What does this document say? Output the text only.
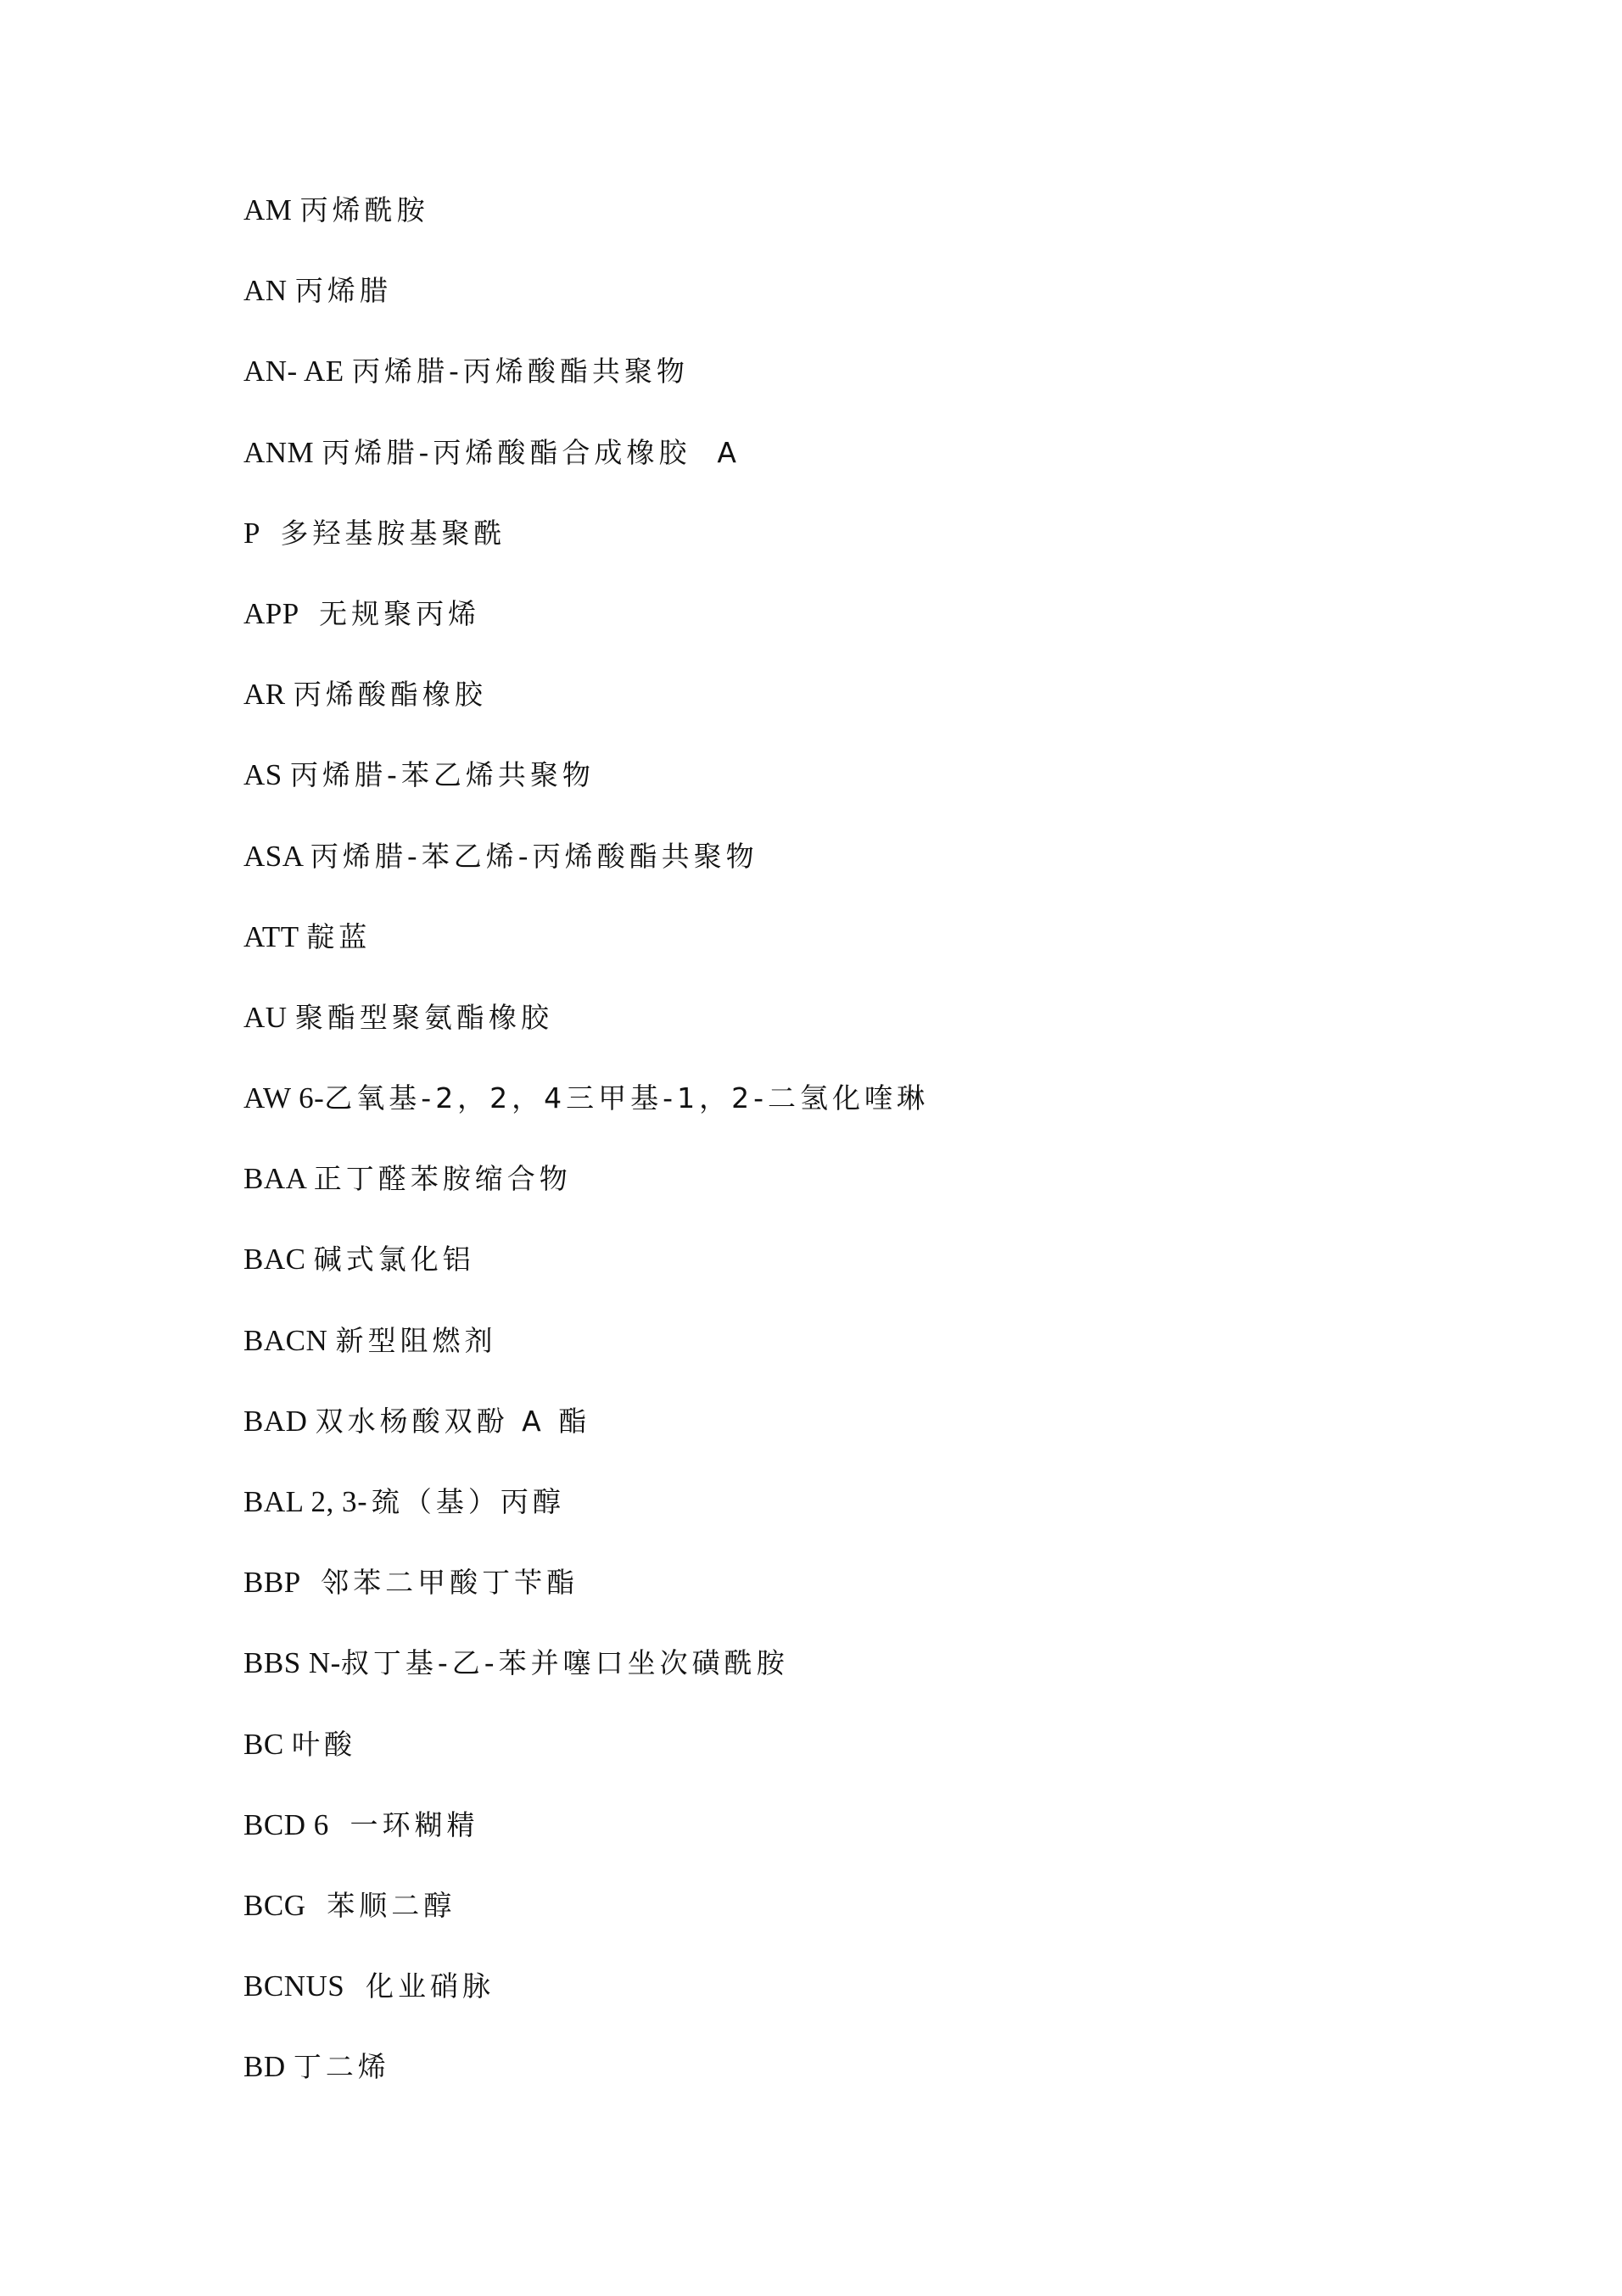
AM 丙烯酰胺
AN 丙烯腊
AN- AE 丙烯腊-丙烯酸酯共聚物
ANM 丙烯腊-丙烯酸酯合成橡胶  A
P  多羟基胺基聚酰
APP  无规聚丙烯
AR 丙烯酸酯橡胶
AS 丙烯腊-苯乙烯共聚物
ASA 丙烯腊-苯乙烯-丙烯酸酯共聚物
ATT 靛蓝
AU 聚酯型聚氨酯橡胶
AW 6-乙氧基-2，2，4三甲基-1，2-二氢化喹琳
BAA 正丁醛苯胺缩合物
BAC 碱式氯化铝
BACN 新型阻燃剂
BAD 双水杨酸双酚 A 酯
BAL 2, 3-巯（基）丙醇
BBP  邻苯二甲酸丁苄酯
BBS N-叔丁基-乙-苯并噻口坐次磺酰胺
BC 叶酸
BCD 6  一环糊精
BCG  苯顺二醇
BCNUS  化业硝脉
BD 丁二烯
